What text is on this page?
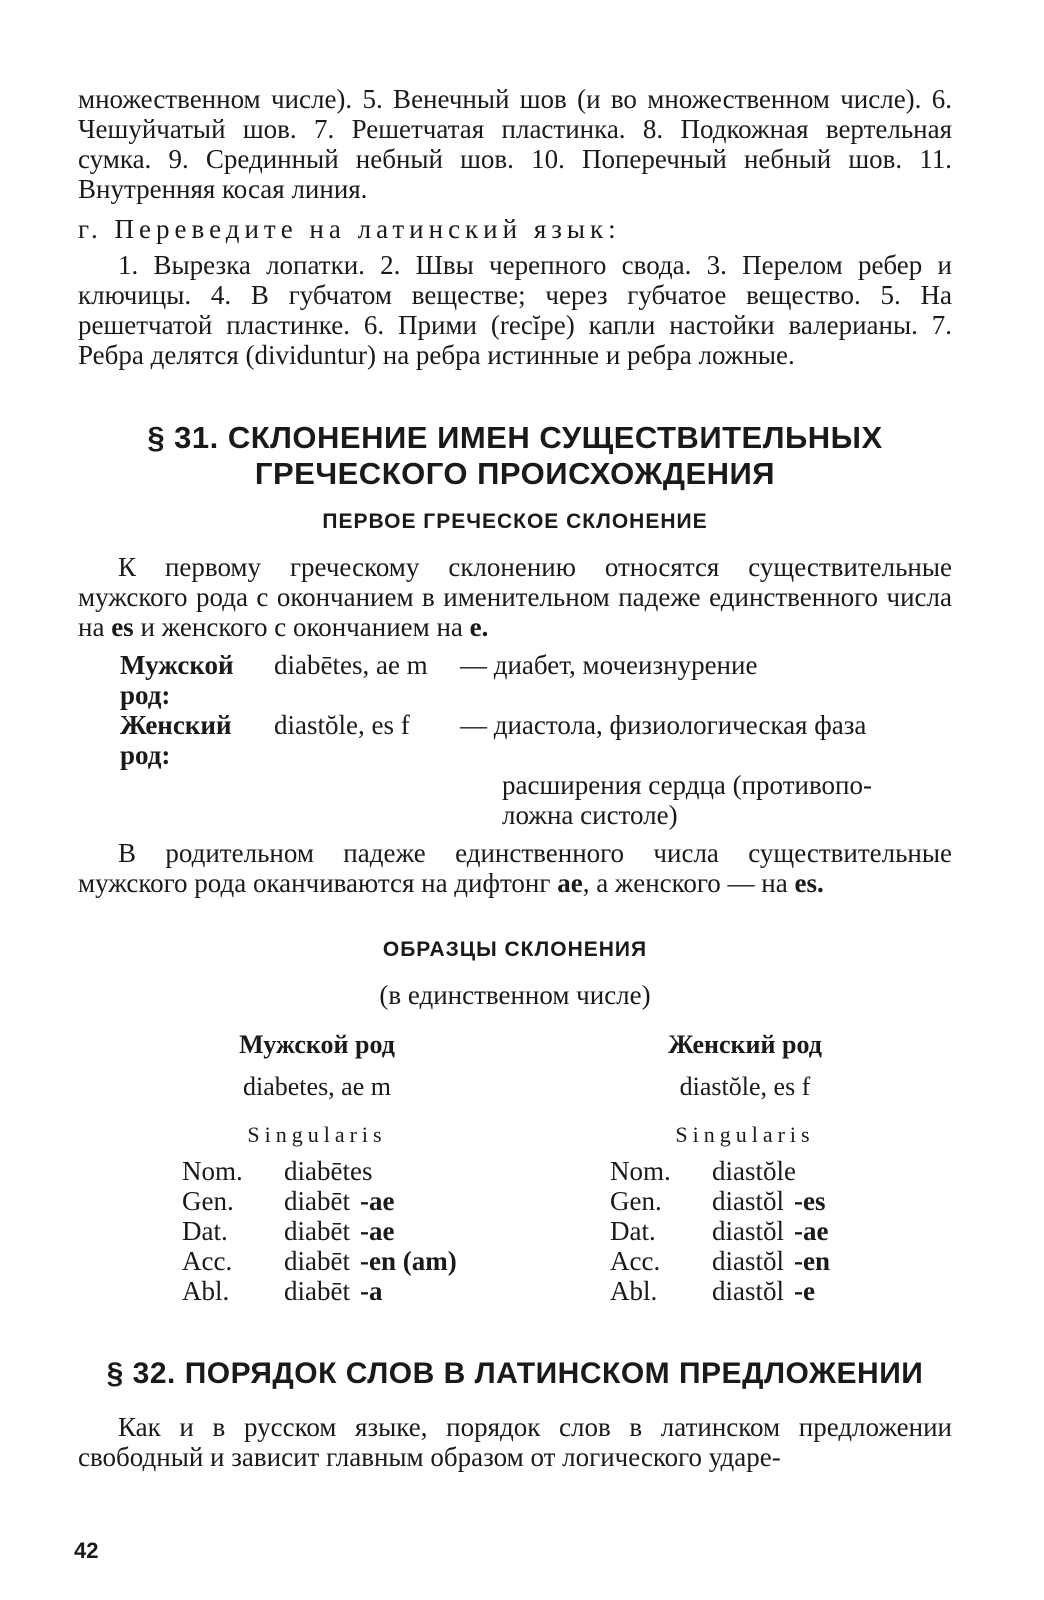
множественном числе). 5. Венечный шов (и во множественном числе). 6. Чешуйчатый шов. 7. Решетчатая пластинка. 8. Подкожная вертельная сумка. 9. Срединный небный шов. 10. Поперечный небный шов. 11. Внутренняя косая линия.

г. Переведите на латинский язык:

1. Вырезка лопатки. 2. Швы черепного свода. 3. Перелом ребер и ключицы. 4. В губчатом веществе; через губчатое вещество. 5. На решетчатой пластинке. 6. Прими (recĭpe) капли настойки валерианы. 7. Ребра делятся (dividuntur) на ребра истинные и ребра ложные.

§ 31. СКЛОНЕНИЕ ИМЕН СУЩЕСТВИТЕЛЬНЫХ
ГРЕЧЕСКОГО ПРОИСХОЖДЕНИЯ
ПЕРВОЕ ГРЕЧЕСКОЕ СКЛОНЕНИЕ

К первому греческому склонению относятся существительные мужского рода с окончанием в именительном падеже единственного числа на es и женского с окончанием на е.

Мужской род:
diabētes, ae m	— диабет, мочеизнурение
Женский род:
diastŏle, es f	— диастола, физиологическая фаза
расширения сердца (противопо-
ложна систоле)

В родительном падеже единственного числа существительные мужского рода оканчиваются на дифтонг ae, а женского — на es.

ОБРАЗЦЫ СКЛОНЕНИЯ

(в единственном числе)

Мужской род
diabetes, ae m
Singularis
Nom.	diabētes
Gen.	diabēt -ae
Dat.	diabēt -ae
Acc.	diabēt -en (am)
Abl.	diabēt -a
Женский род
diastŏle, es f
Singularis
Nom.	diastŏle
Gen.	diastŏl -es
Dat.	diastŏl -ae
Acc.	diastŏl -en
Abl.	diastŏl -e
§ 32. ПОРЯДОК СЛОВ В ЛАТИНСКОМ ПРЕДЛОЖЕНИИ

Как и в русском языке, порядок слов в латинском предложении свободный и зависит главным образом от логического ударе-

42
